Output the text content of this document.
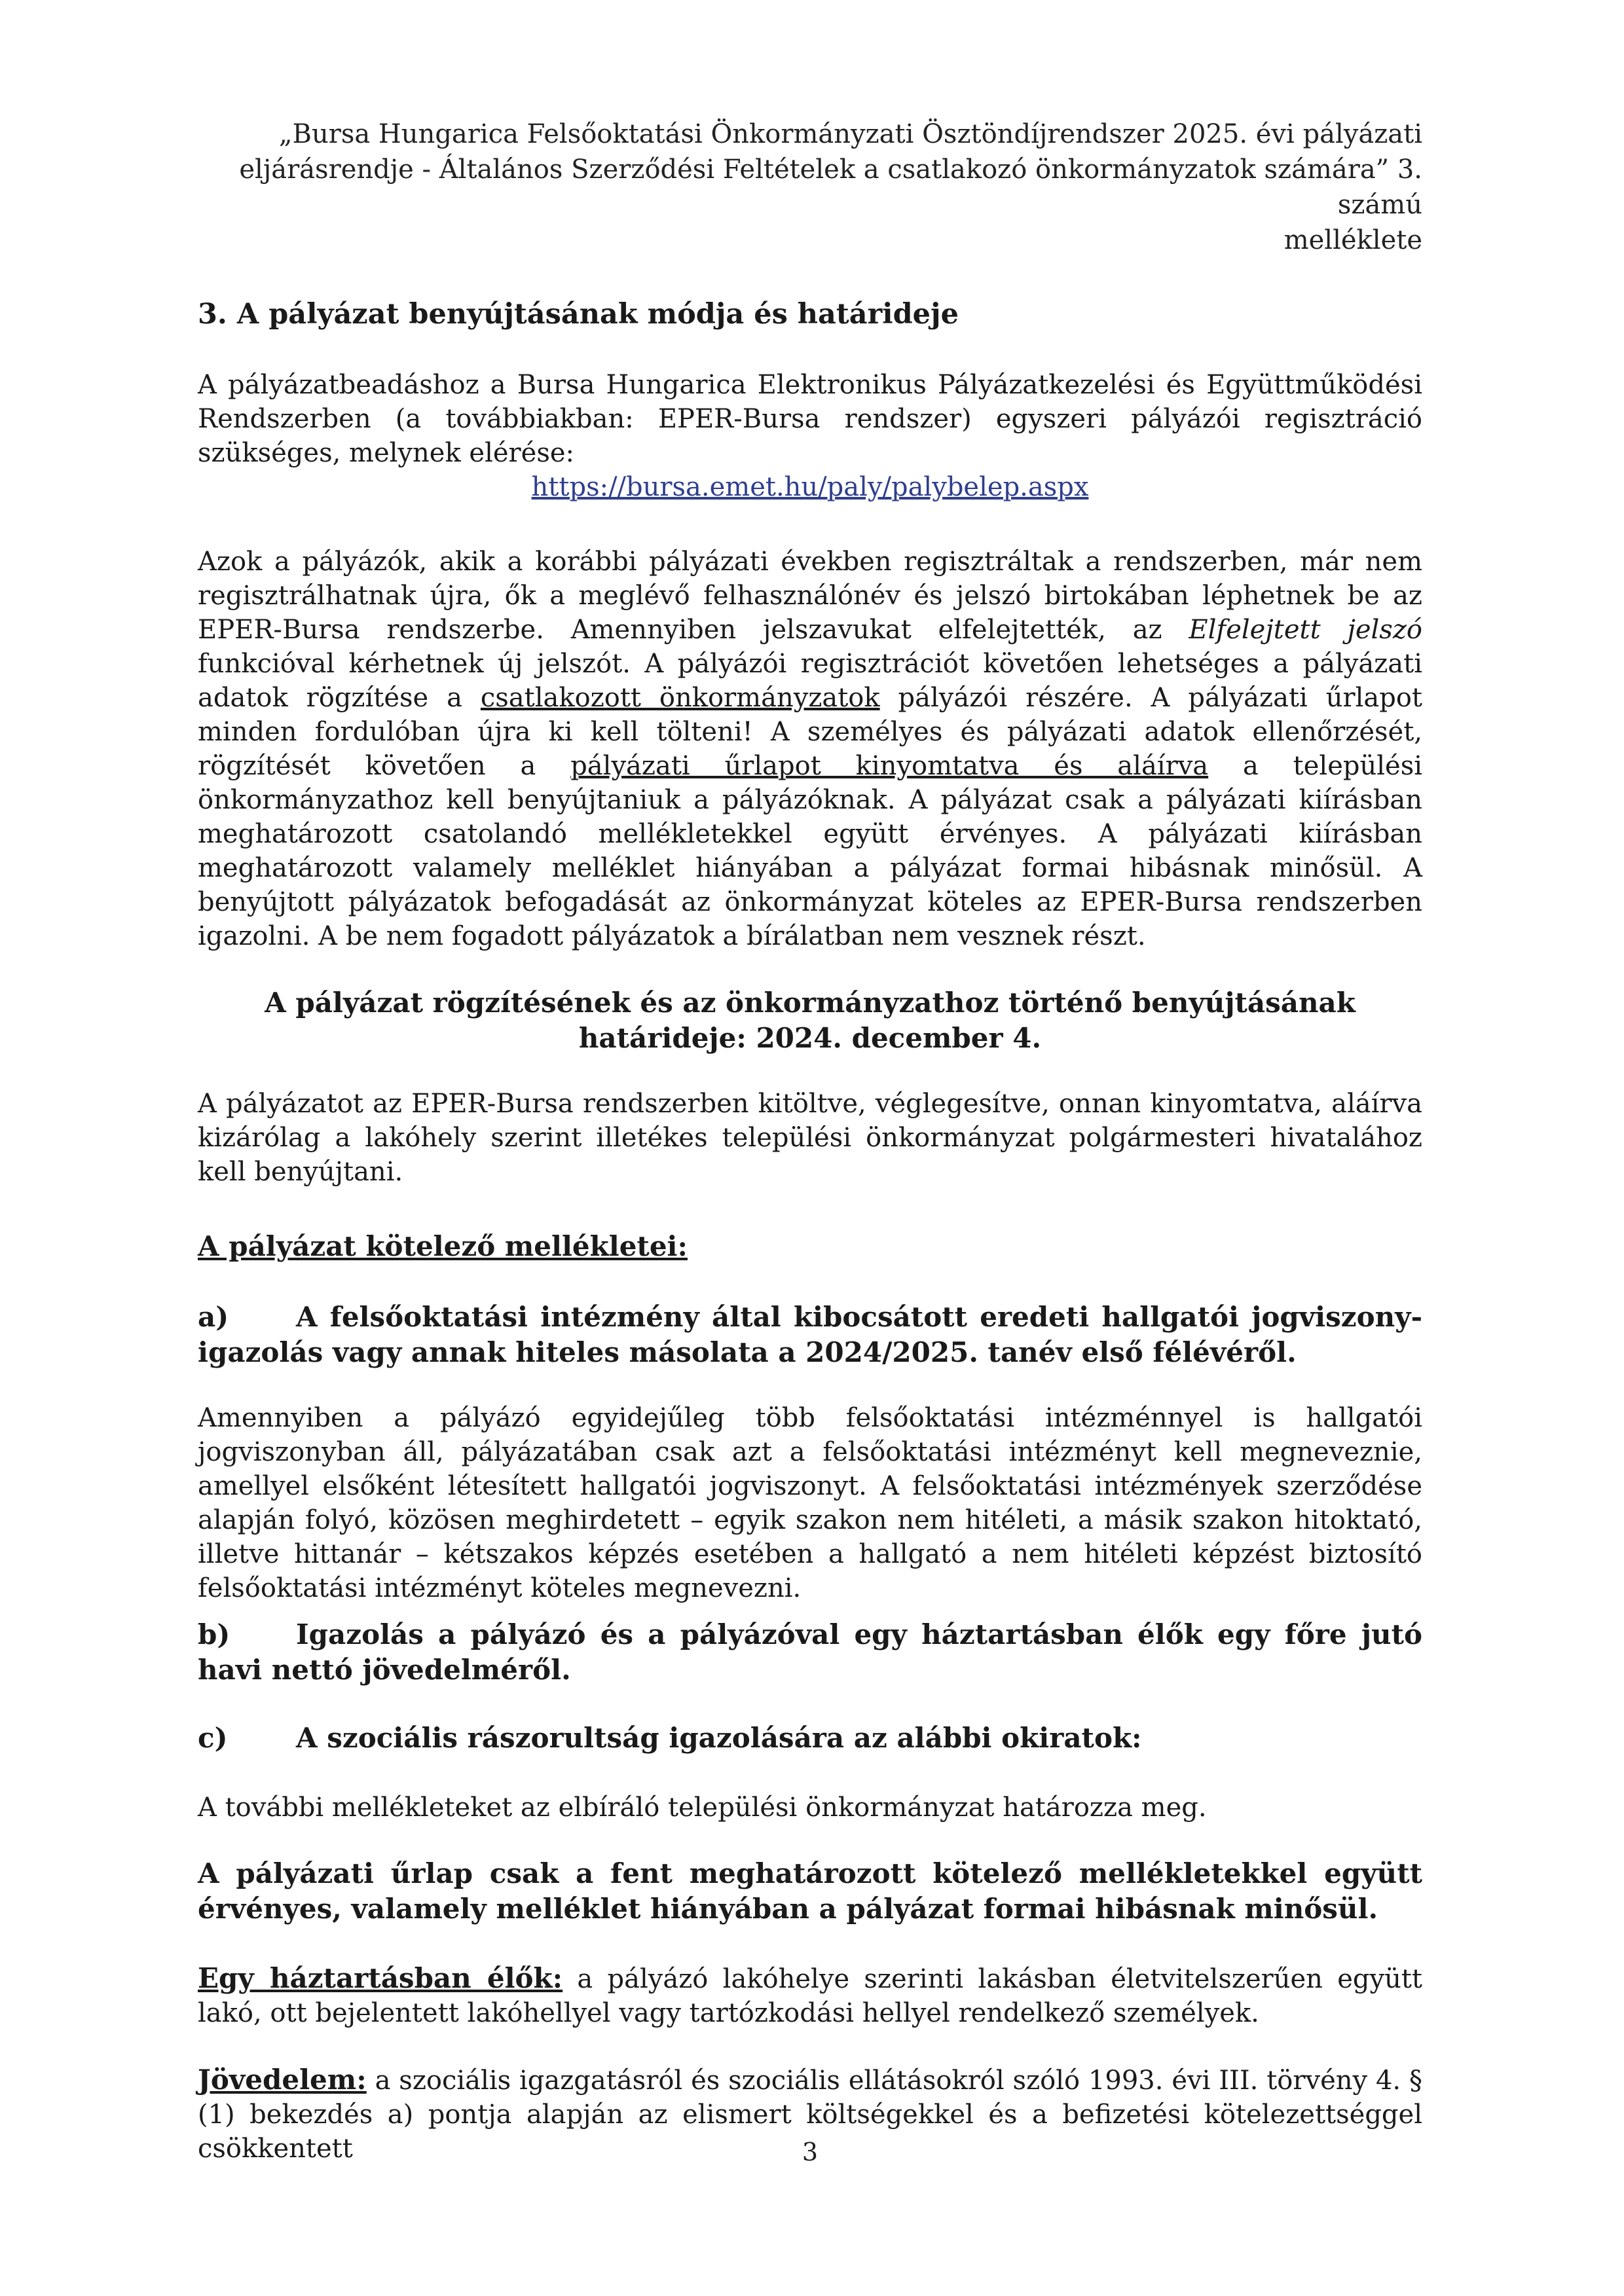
„Bursa Hungarica Felsőoktatási Önkormányzati Ösztöndíjrendszer 2025. évi pályázati
eljárásrendje - Általános Szerződési Feltételek a csatlakozó önkormányzatok számára” 3. számú
melléklete
3. A pályázat benyújtásának módja és határideje

A pályázatbeadáshoz a Bursa Hungarica Elektronikus Pályázatkezelési és Együttműködési Rendszerben (a továbbiakban: EPER-Bursa rendszer) egyszeri pályázói regisztráció szükséges, melynek elérése:

https://bursa.emet.hu/paly/palybelep.aspx

Azok a pályázók, akik a korábbi pályázati években regisztráltak a rendszerben, már nem regisztrálhatnak újra, ők a meglévő felhasználónév és jelszó birtokában léphetnek be az EPER-Bursa rendszerbe. Amennyiben jelszavukat elfelejtették, az Elfelejtett jelszó funkcióval kérhetnek új jelszót. A pályázói regisztrációt követően lehetséges a pályázati adatok rögzítése a csatlakozott önkormányzatok pályázói részére. A pályázati űrlapot minden fordulóban újra ki kell tölteni! A személyes és pályázati adatok ellenőrzését, rögzítését követően a pályázati űrlapot kinyomtatva és aláírva a települési önkormányzathoz kell benyújtaniuk a pályázóknak. A pályázat csak a pályázati kiírásban meghatározott csatolandó mellékletekkel együtt érvényes. A pályázati kiírásban meghatározott valamely melléklet hiányában a pályázat formai hibásnak minősül. A benyújtott pályázatok befogadását az önkormányzat köteles az EPER-Bursa rendszerben igazolni. A be nem fogadott pályázatok a bírálatban nem vesznek részt.

A pályázat rögzítésének és az önkormányzathoz történő benyújtásának
határideje: 2024. december 4.

A pályázatot az EPER-Bursa rendszerben kitöltve, véglegesítve, onnan kinyomtatva, aláírva kizárólag a lakóhely szerint illetékes települési önkormányzat polgármesteri hivatalához kell benyújtani.

A pályázat kötelező mellékletei:
a) A felsőoktatási intézmény által kibocsátott eredeti hallgatói jogviszony-igazolás vagy annak hiteles másolata a 2024/2025. tanév első félévéről.

Amennyiben a pályázó egyidejűleg több felsőoktatási intézménnyel is hallgatói jogviszonyban áll, pályázatában csak azt a felsőoktatási intézményt kell megneveznie, amellyel elsőként létesített hallgatói jogviszonyt. A felsőoktatási intézmények szerződése alapján folyó, közösen meghirdetett – egyik szakon nem hitéleti, a másik szakon hitoktató, illetve hittanár – kétszakos képzés esetében a hallgató a nem hitéleti képzést biztosító felsőoktatási intézményt köteles megnevezni.

b) Igazolás a pályázó és a pályázóval egy háztartásban élők egy főre jutó havi nettó jövedelméről.
c) A szociális rászorultság igazolására az alábbi okiratok:

A további mellékleteket az elbíráló települési önkormányzat határozza meg.

A pályázati űrlap csak a fent meghatározott kötelező mellékletekkel együtt érvényes, valamely melléklet hiányában a pályázat formai hibásnak minősül.

Egy háztartásban élők: a pályázó lakóhelye szerinti lakásban életvitelszerűen együtt lakó, ott bejelentett lakóhellyel vagy tartózkodási hellyel rendelkező személyek.

Jövedelem: a szociális igazgatásról és szociális ellátásokról szóló 1993. évi III. törvény 4. § (1) bekezdés a) pontja alapján az elismert költségekkel és a befizetési kötelezettséggel csökkentett	3
